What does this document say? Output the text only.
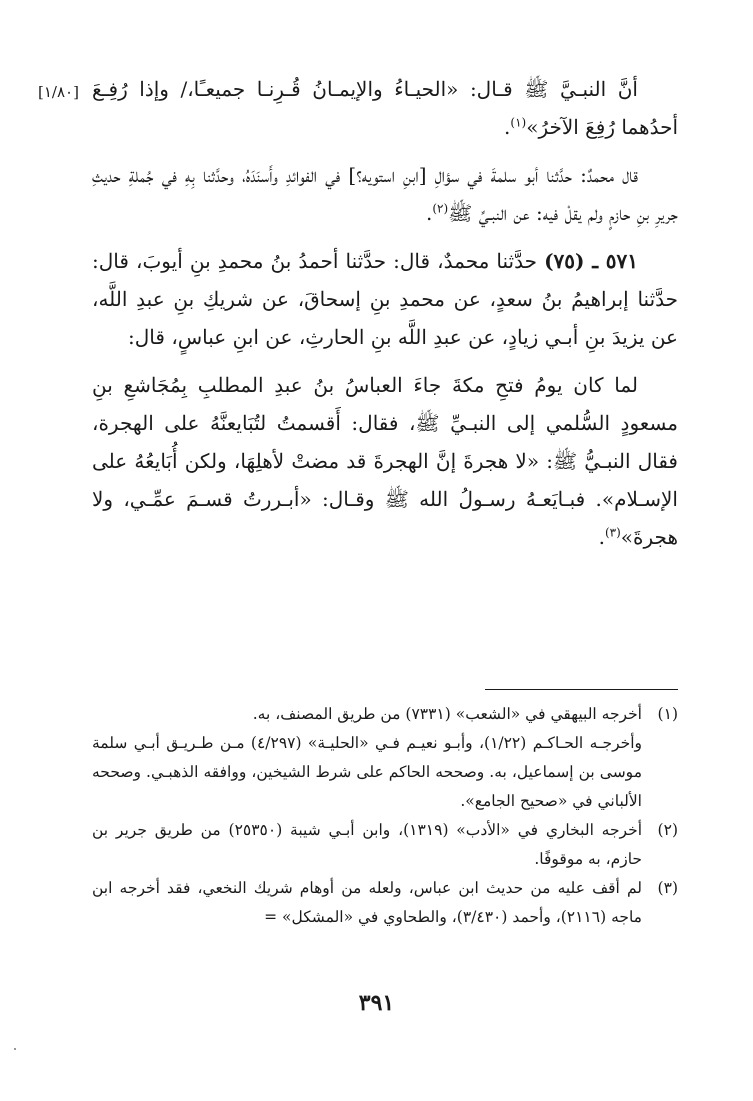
[١/٨٠] أنَّ النبـيَّ ﷺ قـال: «الحيـاءُ والإيمـانُ قُـرِنـا جميعـًا،/ وإذا رُفِـعَ أحدُهما رُفِعَ الآخرُ»$^{(١)}$.

قال محمدٌ: حدَّثنا أبو سلمةَ في سؤالِ [ابنِ استويه؟] في الفوائدِ وأَسنَدَهُ، وحدَّثنا بِهِ في جُملةِ حديثِ جريرِ بنِ حازمٍ ولم يقلْ فيه: عن النبـيِّ ﷺ$^{(٢)}$.

٥٧١ ـ (٧٥) حدَّثنا محمدٌ، قال: حدَّثنا أحمدُ بنُ محمدِ بنِ أيوبَ، قال: حدَّثنا إبراهيمُ بنُ سعدٍ، عن محمدِ بنِ إسحاقَ، عن شريكِ بنِ عبدِ اللَّه، عن يزيدَ بنِ أبـي زيادٍ، عن عبدِ اللَّه بنِ الحارثِ، عن ابنِ عباسٍ، قال:

لما كان يومُ فتحِ مكةَ جاءَ العباسُ بنُ عبدِ المطلبِ بِمُجَاشعِ بنِ مسعودٍ السُّلمي إلى النبـيِّ ﷺ، فقال: أَقسمتُ لتُبَايعنَّهُ على الهجرة، فقال النبـيُّ ﷺ: «لا هجرةَ إنَّ الهجرةَ قد مضتْ لأهلِهَا، ولكن أُبَايعُهُ على الإسـلام». فبـايَعـهُ رسـولُ الله ﷺ وقـال: «أبـررتُ قسـمَ عمِّـي، ولا هجرةَ»$^{(٣)}$.

(١)

أخرجه البيهقي في «الشعب» (٧٣٣١) من طريق المصنف، به.

وأخرجـه الحـاكـم (١/٢٢)، وأبـو نعيـم فـي «الحليـة» (٤/٢٩٧) مـن طـريـق أبـي سلمة موسى بن إسماعيل، به. وصححه الحاكم على شرط الشيخين، ووافقه الذهبـي. وصححه الألباني في «صحيح الجامع».

(٢)

أخرجه البخاري في «الأدب» (١٣١٩)، وابن أبـي شيبة (٢٥٣٥٠) من طريق جرير بن حازم، به موقوفًا.

(٣)

لم أقف عليه من حديث ابن عباس، ولعله من أوهام شريك النخعي، فقد أخرجه ابن ماجه (٢١١٦)، وأحمد (٣/٤٣٠)، والطحاوي في «المشكل» =

٣٩١
